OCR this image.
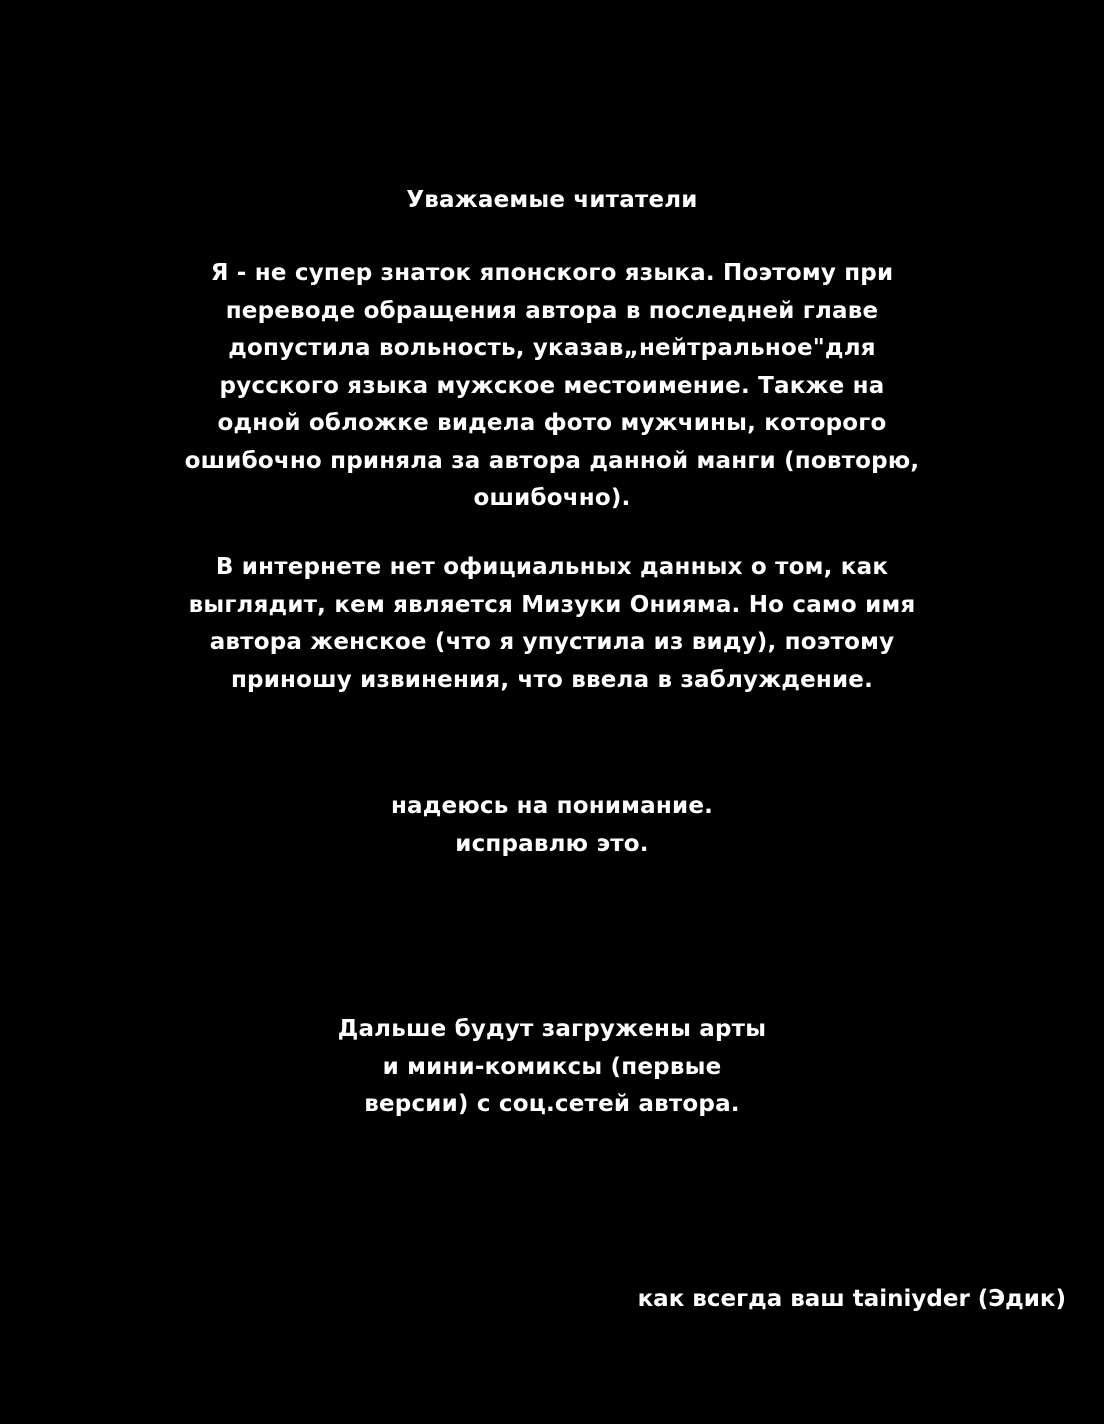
Уважаемые читатели
Я - не супер знаток японского языка. Поэтому при
переводе обращения автора в последней главе
допустила вольность, указав„нейтральное"для
русского языка мужское местоимение. Также на
одной обложке видела фото мужчины, которого
ошибочно приняла за автора данной манги (повторю,
ошибочно).
В интернете нет официальных данных о том, как
выглядит, кем является Мизуки Онияма. Но само имя
автора женское (что я упустила из виду), поэтому
приношу извинения, что ввела в заблуждение.
надеюсь на понимание.
исправлю это.
Дальше будут загружены арты
и мини-комиксы (первые
версии) с соц.сетей автора.
как всегда ваш tainiyder (Эдик)
